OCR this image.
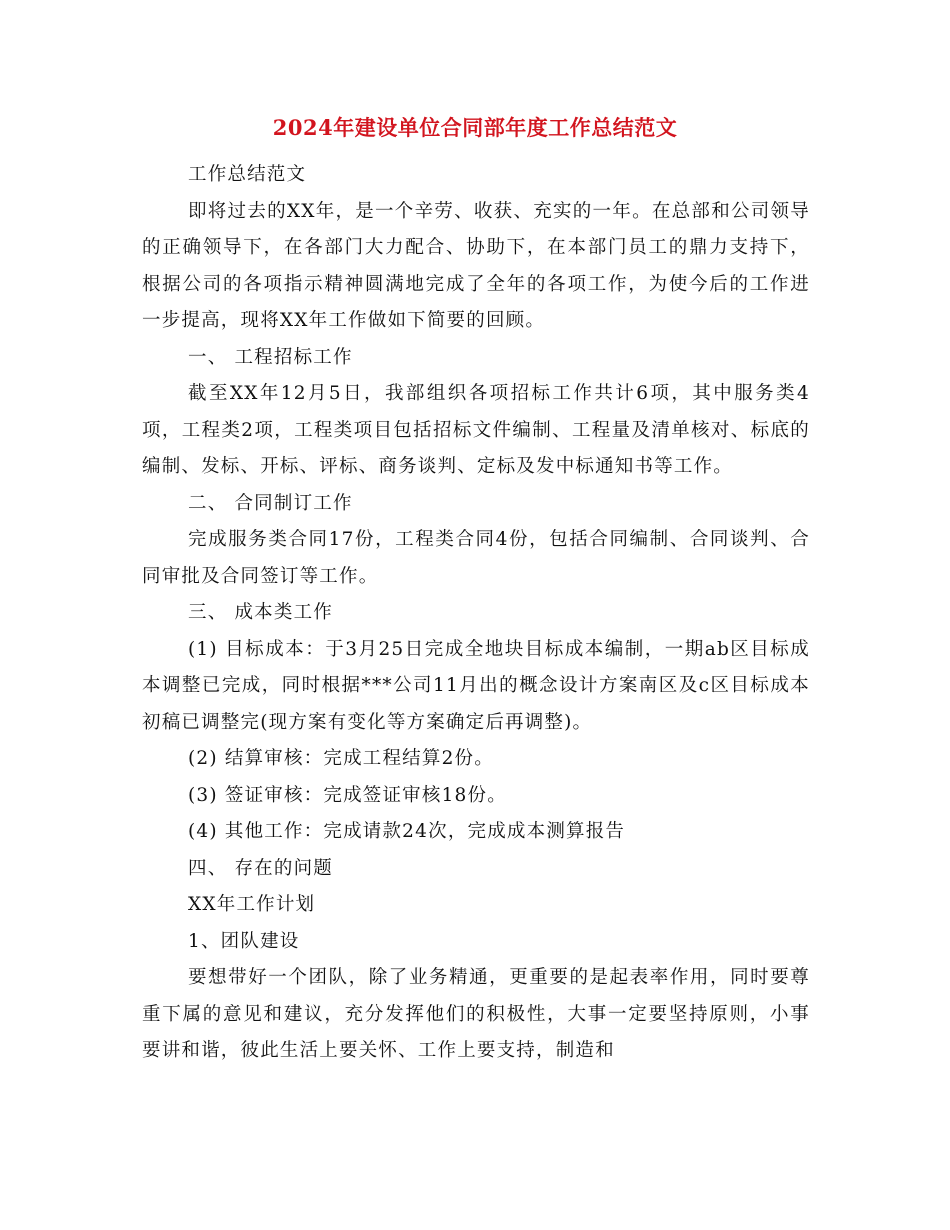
2024年建设单位合同部年度工作总结范文

工作总结范文

即将过去的XX年，是一个辛劳、收获、充实的一年。在总部和公司领导的正确领导下，在各部门大力配合、协助下，在本部门员工的鼎力支持下，根据公司的各项指示精神圆满地完成了全年的各项工作，为使今后的工作进一步提高，现将XX年工作做如下简要的回顾。

一、 工程招标工作

截至XX年12月5日，我部组织各项招标工作共计6项，其中服务类4项，工程类2项，工程类项目包括招标文件编制、工程量及清单核对、标底的编制、发标、开标、评标、商务谈判、定标及发中标通知书等工作。

二、 合同制订工作

完成服务类合同17份，工程类合同4份，包括合同编制、合同谈判、合同审批及合同签订等工作。

三、 成本类工作

(1) 目标成本：于3月25日完成全地块目标成本编制，一期ab区目标成本调整已完成，同时根据***公司11月出的概念设计方案南区及c区目标成本初稿已调整完(现方案有变化等方案确定后再调整)。

(2) 结算审核：完成工程结算2份。

(3) 签证审核：完成签证审核18份。

(4) 其他工作：完成请款24次，完成成本测算报告

四、 存在的问题

XX年工作计划

1、团队建设

要想带好一个团队，除了业务精通，更重要的是起表率作用，同时要尊重下属的意见和建议，充分发挥他们的积极性，大事一定要坚持原则，小事要讲和谐，彼此生活上要关怀、工作上要支持，制造和
